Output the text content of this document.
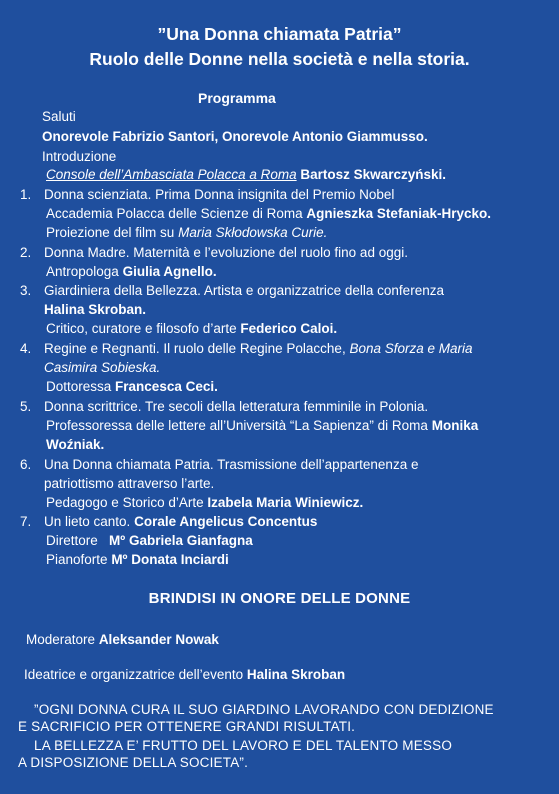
”Una Donna chiamata Patria”
Ruolo delle Donne nella società e nella storia.
Programma
Saluti
Onorevole Fabrizio Santori, Onorevole Antonio Giammusso.
Introduzione
Console dell’Ambasciata Polacca a Roma Bartosz Skwarczyński.
1. Donna scienziata. Prima Donna insignita del Premio Nobel
Accademia Polacca delle Scienze di Roma Agnieszka Stefaniak-Hrycko.
Proiezione del film su Maria Skłodowska Curie.
2. Donna Madre. Maternità e l’evoluzione del ruolo fino ad oggi.
Antropologa Giulia Agnello.
3. Giardiniera della Bellezza. Artista e organizzatrice della conferenza
Halina Skroban.
Critico, curatore e filosofo d’arte Federico Caloi.
4. Regine e Regnanti. Il ruolo delle Regine Polacche, Bona Sforza e Maria
Casimira Sobieska.
Dottoressa Francesca Ceci.
5. Donna scrittrice. Tre secoli della letteratura femminile in Polonia.
Professoressa delle lettere all’Università “La Sapienza” di Roma Monika
Woźniak.
6. Una Donna chiamata Patria. Trasmissione dell’appartenenza e
patriottismo attraverso l’arte.
Pedagogo e Storico d’Arte Izabela Maria Winiewicz.
7. Un lieto canto. Corale Angelicus Concentus
Direttore Mº Gabriela Gianfagna
Pianoforte Mº Donata Inciardi
BRINDISI IN ONORE DELLE DONNE
Moderatore Aleksander Nowak
Ideatrice e organizzatrice dell’evento Halina Skroban
”OGNI DONNA CURA IL SUO GIARDINO LAVORANDO CON DEDIZIONE
E SACRIFICIO PER OTTENERE GRANDI RISULTATI.
LA BELLEZZA E’ FRUTTO DEL LAVORO E DEL TALENTO MESSO
A DISPOSIZIONE DELLA SOCIETA”.
